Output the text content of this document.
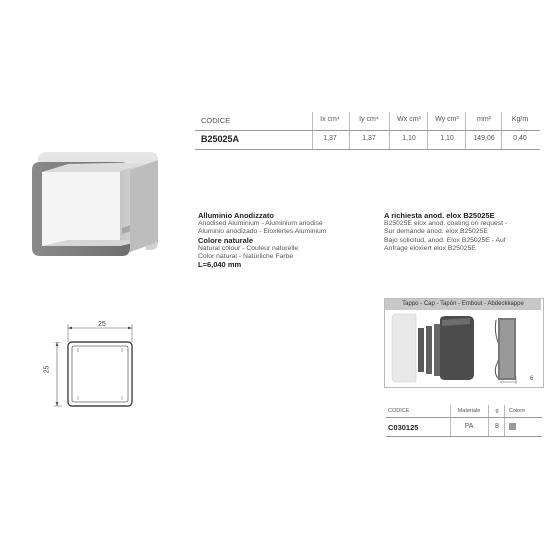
CODICE	Ix cm⁴	Iy cm⁴	Wx cm³	Wy cm³	mm²	Kg/m
B25025A	1,37	1,37	1,10	1,10	149,06	0,40
25
25
Alluminio Anodizzato
Anodised Aluminium - Aluminium anodisé
Aluminio anodizado - Eloxiertes Aluminium
Colore naturale
Natural colour - Couleur naturelle
Color natural - Natürliche Farbe
L=6,040 mm
A richiesta anod. elox B25025E
B25025E elox anod. coating on request -
Sur demande anod. elox B25025E
Bajo solicitud, anod. Elox B25025E - Auf
Anfrage eloxiert elox B25025E
Tappo - Cap - Tapón - Embout - Abdeckkappe
6
CODICE	Materiale	g	Colore
C030125	PA	8
